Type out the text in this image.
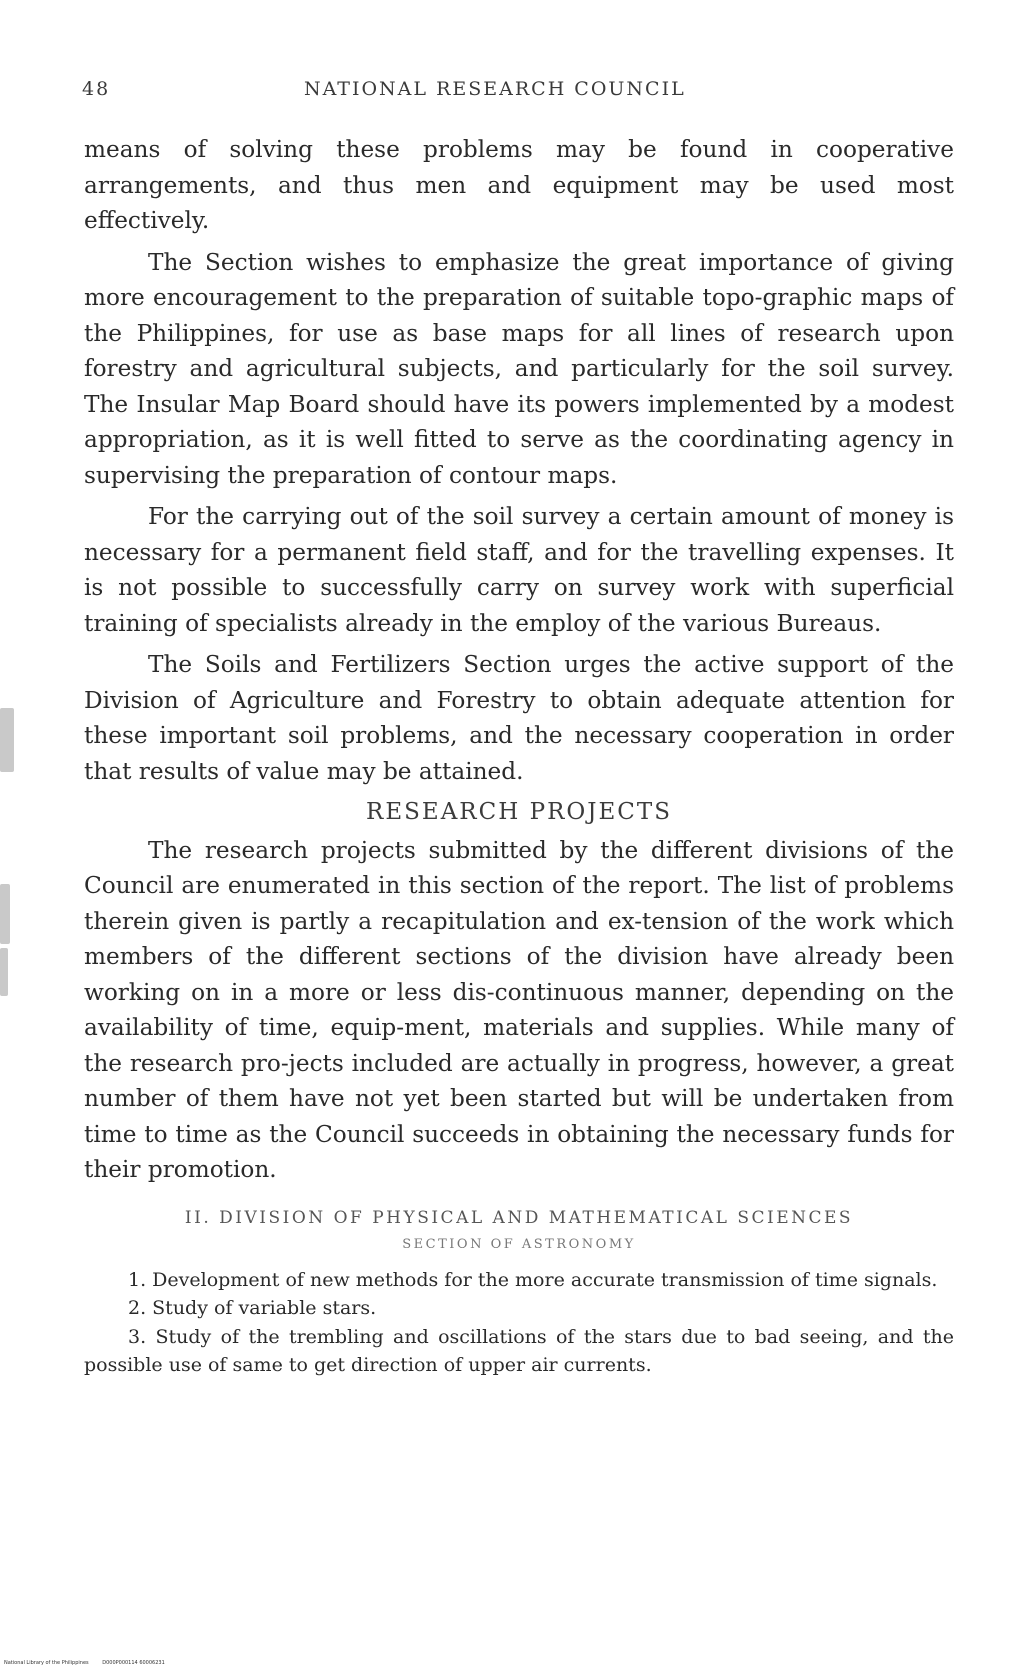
48	NATIONAL RESEARCH COUNCIL

means of solving these problems may be found in cooperative arrangements, and thus men and equipment may be used most effectively.

The Section wishes to emphasize the great importance of giving more encouragement to the preparation of suitable topo-graphic maps of the Philippines, for use as base maps for all lines of research upon forestry and agricultural subjects, and particularly for the soil survey. The Insular Map Board should have its powers implemented by a modest appropriation, as it is well fitted to serve as the coordinating agency in supervising the preparation of contour maps.

For the carrying out of the soil survey a certain amount of money is necessary for a permanent field staff, and for the travelling expenses. It is not possible to successfully carry on survey work with superficial training of specialists already in the employ of the various Bureaus.

The Soils and Fertilizers Section urges the active support of the Division of Agriculture and Forestry to obtain adequate attention for these important soil problems, and the necessary cooperation in order that results of value may be attained.

RESEARCH PROJECTS

The research projects submitted by the different divisions of the Council are enumerated in this section of the report. The list of problems therein given is partly a recapitulation and ex-tension of the work which members of the different sections of the division have already been working on in a more or less dis-continuous manner, depending on the availability of time, equip-ment, materials and supplies. While many of the research pro-jects included are actually in progress, however, a great number of them have not yet been started but will be undertaken from time to time as the Council succeeds in obtaining the necessary funds for their promotion.

II. DIVISION OF PHYSICAL AND MATHEMATICAL SCIENCES
SECTION OF ASTRONOMY

1. Development of new methods for the more accurate transmission of time signals.

2. Study of variable stars.

3. Study of the trembling and oscillations of the stars due to bad seeing, and the possible use of same to get direction of upper air currents.

National Library of the Philippines	D000P000114 60006231
